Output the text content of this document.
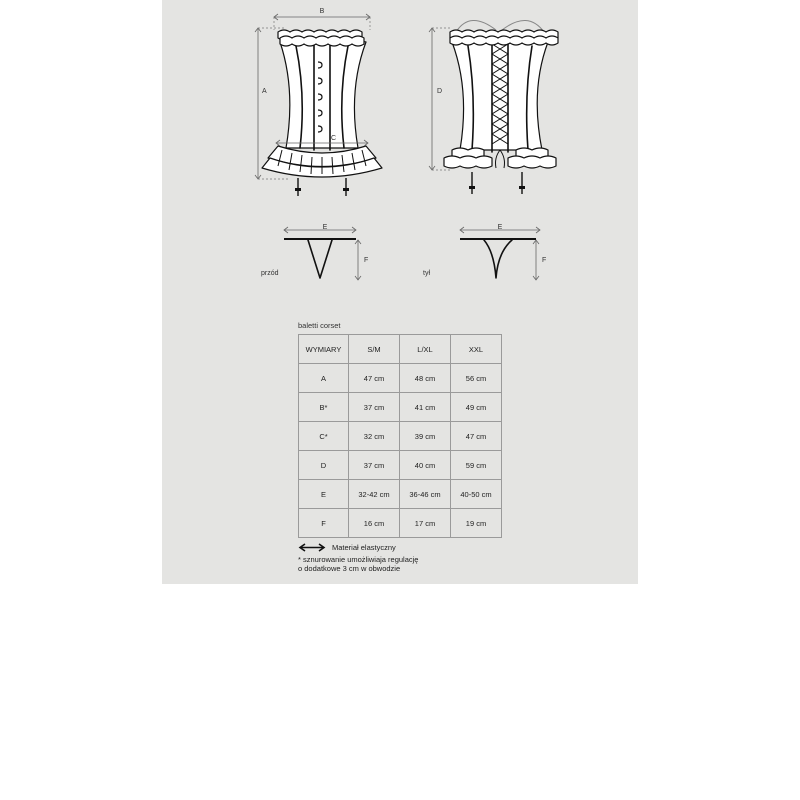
B
A
C
D
E
F
przód
E
F
tył
baletti corset
WYMIARY	S/M	L/XL	XXL
A	47 cm	48 cm	56 cm
B*	37 cm	41 cm	49 cm
C*	32 cm	39 cm	47 cm
D	37 cm	40 cm	59 cm
E	32-42 cm	36-46 cm	40-50 cm
F	16 cm	17 cm	19 cm
Materiał elastyczny
* sznurowanie umożliwiaja regulację
o dodatkowe 3 cm w obwodzie
